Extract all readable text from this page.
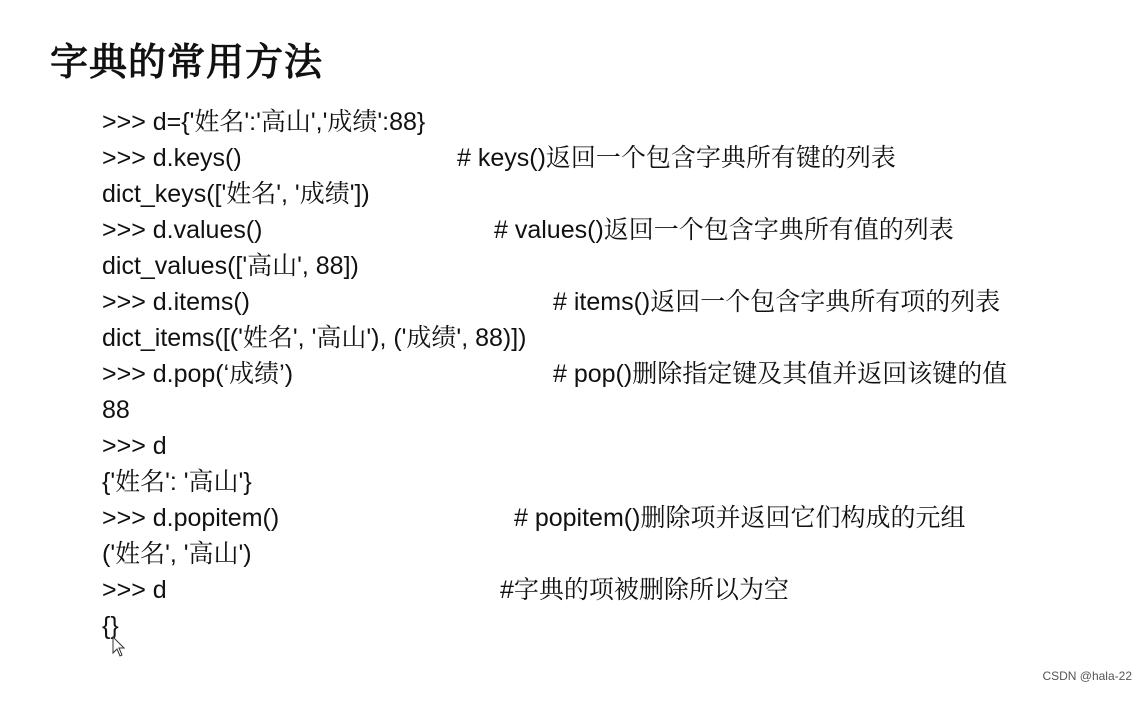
字典的常用方法

>>> d={'姓名':'高山','成绩':88}

>>> d.keys()

	# keys()返回一个包含字典所有键的列表

dict_keys(['姓名', '成绩'])

>>> d.values()

	# values()返回一个包含字典所有值的列表

dict_values(['高山', 88])

>>> d.items()

	# items()返回一个包含字典所有项的列表

dict_items([('姓名', '高山'), ('成绩', 88)])

>>> d.pop(‘成绩’)

	# pop()删除指定键及其值并返回该键的值

88

>>> d

{'姓名': '高山'}

>>> d.popitem()

	# popitem()删除项并返回它们构成的元组

('姓名', '高山')

>>> d

	#字典的项被删除所以为空

{}

CSDN @hala-22
